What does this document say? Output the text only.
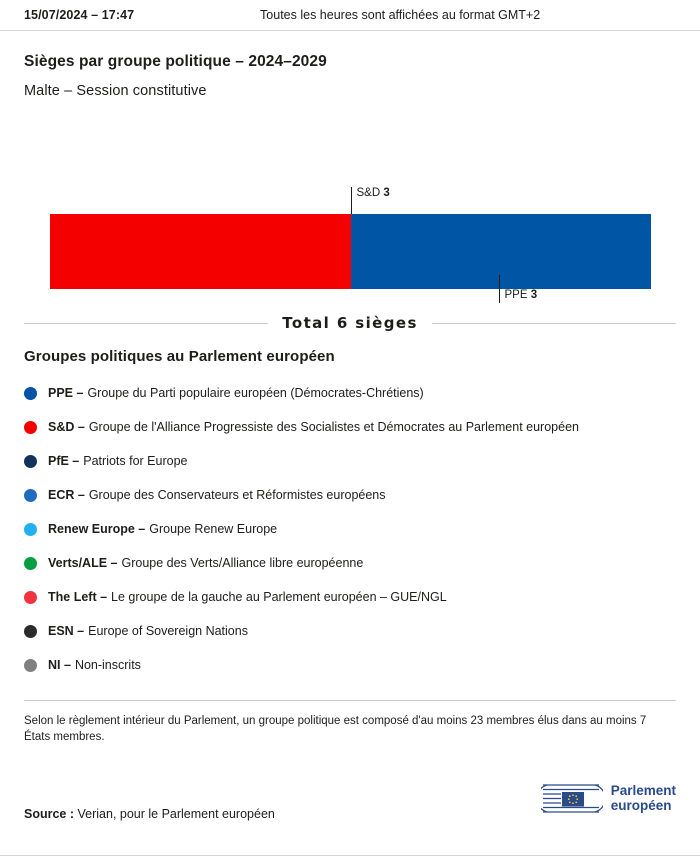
15/07/2024 – 17:47	Toutes les heures sont affichées au format GMT+2
Sièges par groupe politique – 2024–2029
Malte – Session constitutive
S&D 3
PPE 3
Total 6 sièges
Groupes politiques au Parlement européen
PPE – Groupe du Parti populaire européen (Démocrates-Chrétiens)
S&D – Groupe de l'Alliance Progressiste des Socialistes et Démocrates au Parlement européen
PfE – Patriots for Europe
ECR – Groupe des Conservateurs et Réformistes européens
Renew Europe – Groupe Renew Europe
Verts/ALE – Groupe des Verts/Alliance libre européenne
The Left – Le groupe de la gauche au Parlement européen – GUE/NGL
ESN – Europe of Sovereign Nations
NI – Non-inscrits
Selon le règlement intérieur du Parlement, un groupe politique est composé d'au moins 23 membres élus dans au moins 7 États membres.
Source : Verian, pour le Parlement européen
Parlement
européen
